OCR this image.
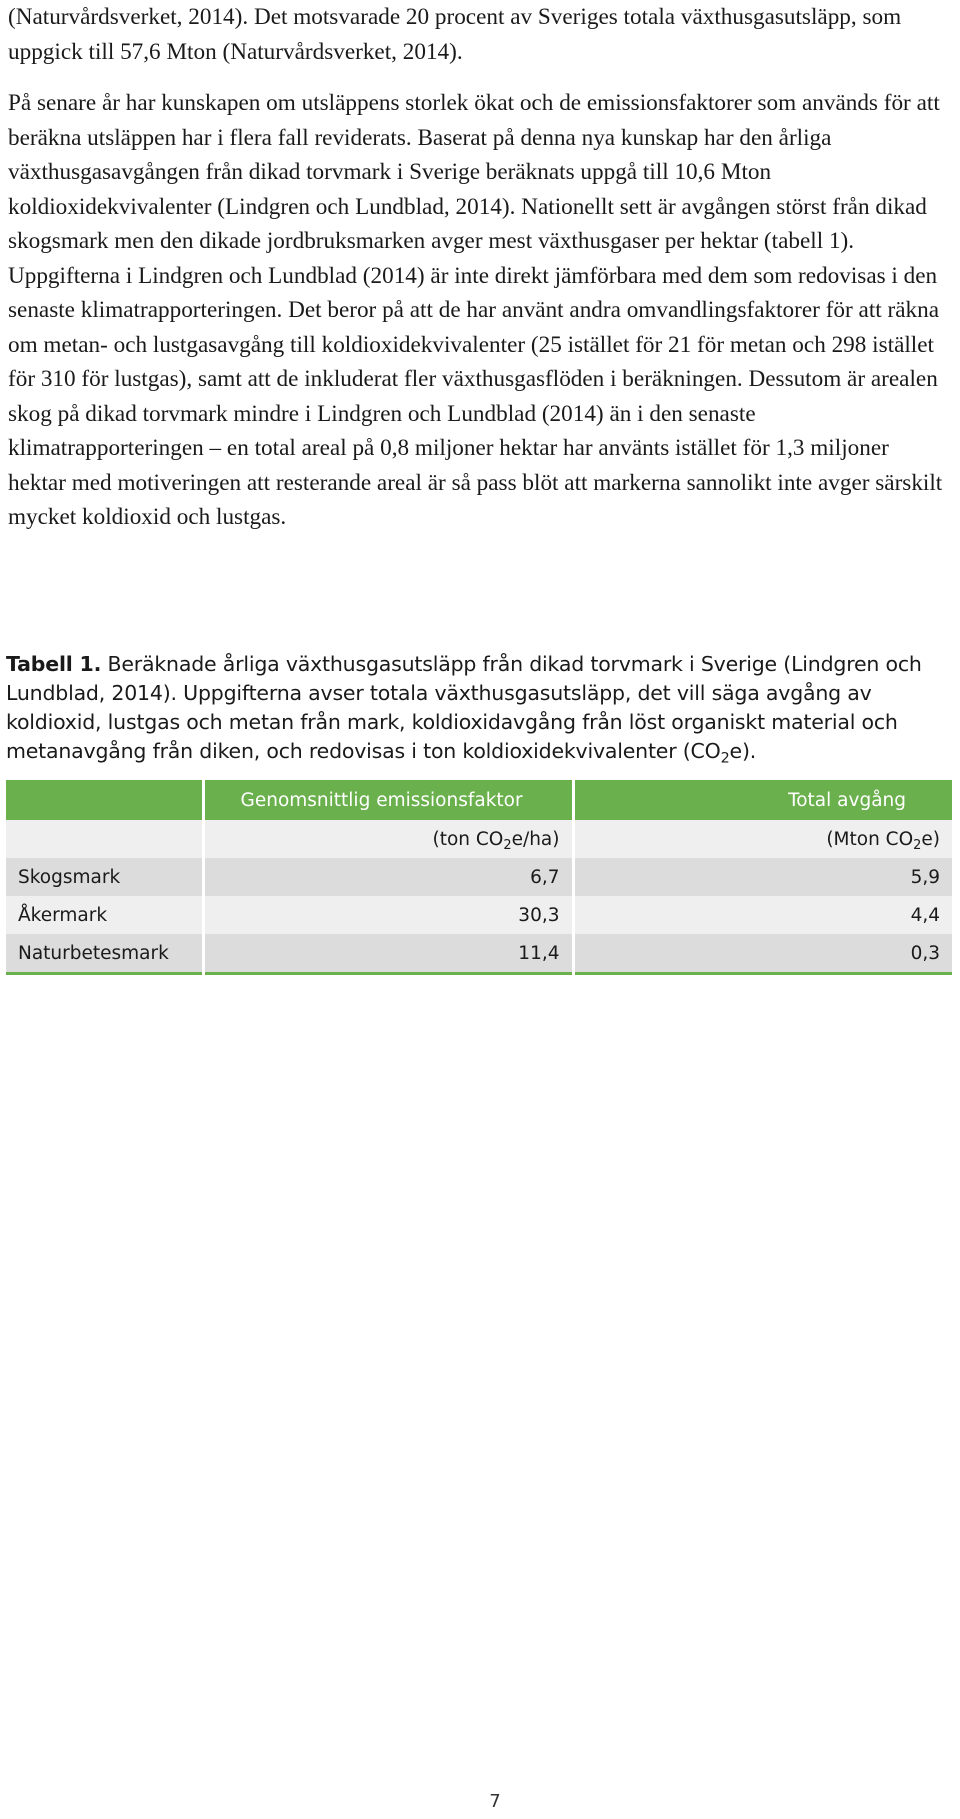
(Naturvårdsverket, 2014). Det motsvarade 20 procent av Sveriges totala växthusgasutsläpp, som uppgick till 57,6 Mton (Naturvårdsverket, 2014).

På senare år har kunskapen om utsläppens storlek ökat och de emissionsfaktorer som används för att beräkna utsläppen har i flera fall reviderats. Baserat på denna nya kunskap har den årliga växthusgasavgången från dikad torvmark i Sverige beräknats uppgå till 10,6 Mton koldioxidekvivalenter (Lindgren och Lundblad, 2014). Nationellt sett är avgången störst från dikad skogsmark men den dikade jordbruksmarken avger mest växthusgaser per hektar (tabell 1). Uppgifterna i Lindgren och Lundblad (2014) är inte direkt jämförbara med dem som redovisas i den senaste klimatrapporteringen. Det beror på att de har använt andra omvandlingsfaktorer för att räkna om metan- och lustgasavgång till koldioxidekvivalenter (25 istället för 21 för metan och 298 istället för 310 för lustgas), samt att de inkluderat fler växthusgasflöden i beräkningen. Dessutom är arealen skog på dikad torvmark mindre i Lindgren och Lundblad (2014) än i den senaste klimatrapporteringen – en total areal på 0,8 miljoner hektar har använts istället för 1,3 miljoner hektar med motiveringen att resterande areal är så pass blöt att markerna sannolikt inte avger särskilt mycket koldioxid och lustgas.

Tabell 1. Beräknade årliga växthusgasutsläpp från dikad torvmark i Sverige (Lindgren och Lundblad, 2014). Uppgifterna avser totala växthusgasutsläpp, det vill säga avgång av koldioxid, lustgas och metan från mark, koldioxidavgång från löst organiskt material och metanavgång från diken, och redovisas i ton koldioxidekvivalenter $(CO_2e)$.

	Genomsnittlig emissionsfaktor	Total avgång
	(ton $CO_2e/ha$)	(Mton $CO_2e$)
Skogsmark	6,7	5,9
Åkermark	30,3	4,4
Naturbetesmark	11,4	0,3
7
